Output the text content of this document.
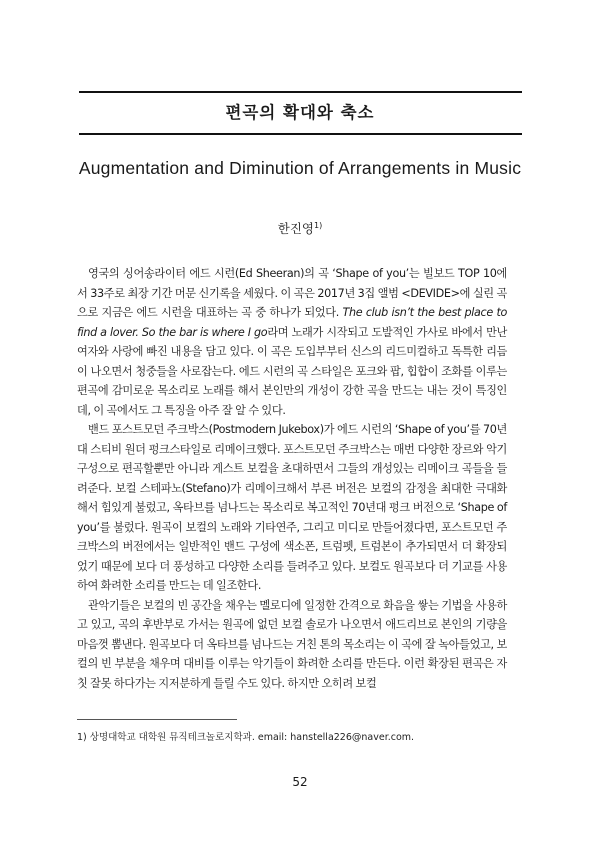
편곡의 확대와 축소
Augmentation and Diminution of Arrangements in Music
한진영$^{1)}$

영국의 싱어송라이터 에드 시런(Ed Sheeran)의 곡 ‘Shape of you’는 빌보드 TOP 10에서 33주로 최장 기간 머문 신기록을 세웠다. 이 곡은 2017년 3집 앨범 <DEVIDE>에 실린 곡으로 지금은 에드 시런을 대표하는 곡 중 하나가 되었다. The club isn’t the best place to find a lover. So the bar is where I go라며 노래가 시작되고 도발적인 가사로 바에서 만난 여자와 사랑에 빠진 내용을 담고 있다. 이 곡은 도입부부터 신스의 리드미컬하고 독특한 리듬이 나오면서 청중들을 사로잡는다. 에드 시런의 곡 스타일은 포크와 팝, 힙합이 조화를 이루는 편곡에 감미로운 목소리로 노래를 해서 본인만의 개성이 강한 곡을 만드는 내는 것이 특징인데, 이 곡에서도 그 특징을 아주 잘 알 수 있다.

밴드 포스트모던 주크박스(Postmodern Jukebox)가 에드 시런의 ‘Shape of you’를 70년대 스티비 원더 펑크스타일로 리메이크했다. 포스트모던 주크박스는 매번 다양한 장르와 악기 구성으로 편곡할뿐만 아니라 게스트 보컬을 초대하면서 그들의 개성있는 리메이크 곡들을 들려준다. 보컬 스테파노(Stefano)가 리메이크해서 부른 버전은 보컬의 감정을 최대한 극대화해서 힘있게 불렀고, 옥타브를 넘나드는 목소리로 복고적인 70년대 펑크 버전으로 ‘Shape of you’를 불렀다. 원곡이 보컬의 노래와 기타연주, 그리고 미디로 만들어졌다면, 포스트모던 주크박스의 버전에서는 일반적인 밴드 구성에 색소폰, 트럼펫, 트럼본이 추가되면서 더 확장되었기 때문에 보다 더 풍성하고 다양한 소리를 들려주고 있다. 보컬도 원곡보다 더 기교를 사용하여 화려한 소리를 만드는 데 일조한다.

관악기들은 보컬의 빈 공간을 채우는 멜로디에 일정한 간격으로 화음을 쌓는 기법을 사용하고 있고, 곡의 후반부로 가서는 원곡에 없던 보컬 솔로가 나오면서 애드리브로 본인의 기량을 마음껏 뽐낸다. 원곡보다 더 옥타브를 넘나드는 거친 톤의 목소리는 이 곡에 잘 녹아들었고, 보컬의 빈 부분을 채우며 대비를 이루는 악기들이 화려한 소리를 만든다. 이런 확장된 편곡은 자칫 잘못 하다가는 지저분하게 들릴 수도 있다. 하지만 오히려 보컬

1) 상명대학교 대학원 뮤직테크놀로지학과. email: hanstella226@naver.com.
52
